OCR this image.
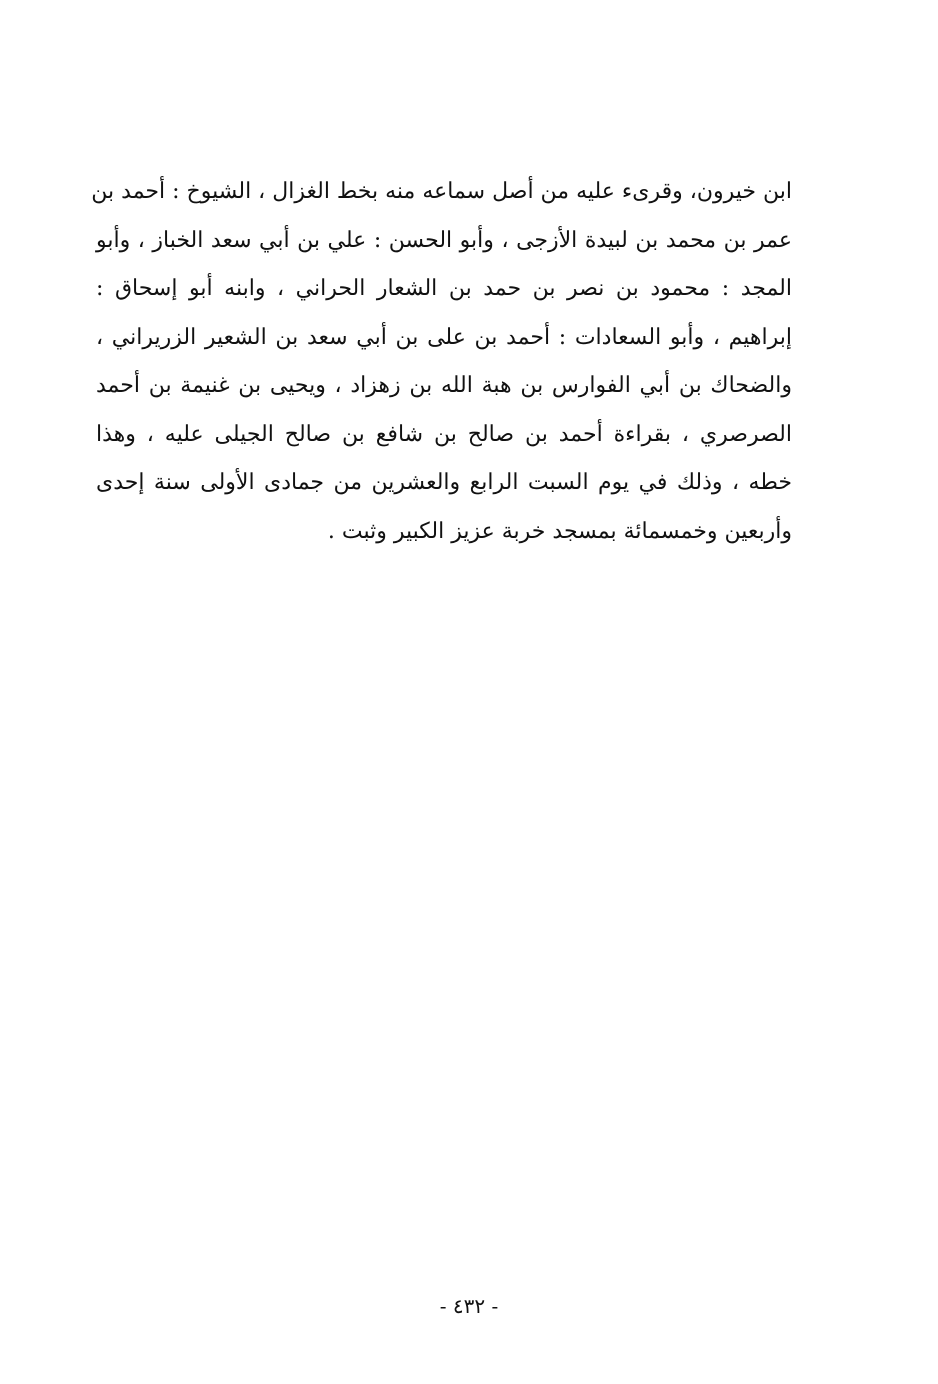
ابن خيرون، وقرىء عليه من أصل سماعه منه بخط الغزال ، الشيوخ : أحمد بن
عمر بن محمد بن لبيدة الأزجى ، وأبو الحسن : علي بن أبي سعد الخباز ، وأبو
المجد : محمود بن نصر بن حمد بن الشعار الحراني ، وابنه أبو إسحاق :
إبراهيم ، وأبو السعادات : أحمد بن على بن أبي سعد بن الشعير الزريراني ،
والضحاك بن أبي الفوارس بن هبة الله بن زهزاد ، ويحيى بن غنيمة بن أحمد
الصرصري ، بقراءة أحمد بن صالح بن شافع بن صالح الجيلى عليه ، وهذا
خطه ، وذلك في يوم السبت الرابع والعشرين من جمادى الأولى سنة إحدى
وأربعين وخمسمائة بمسجد خربة عزيز الكبير وثبت .
- ٤٣٢ -
